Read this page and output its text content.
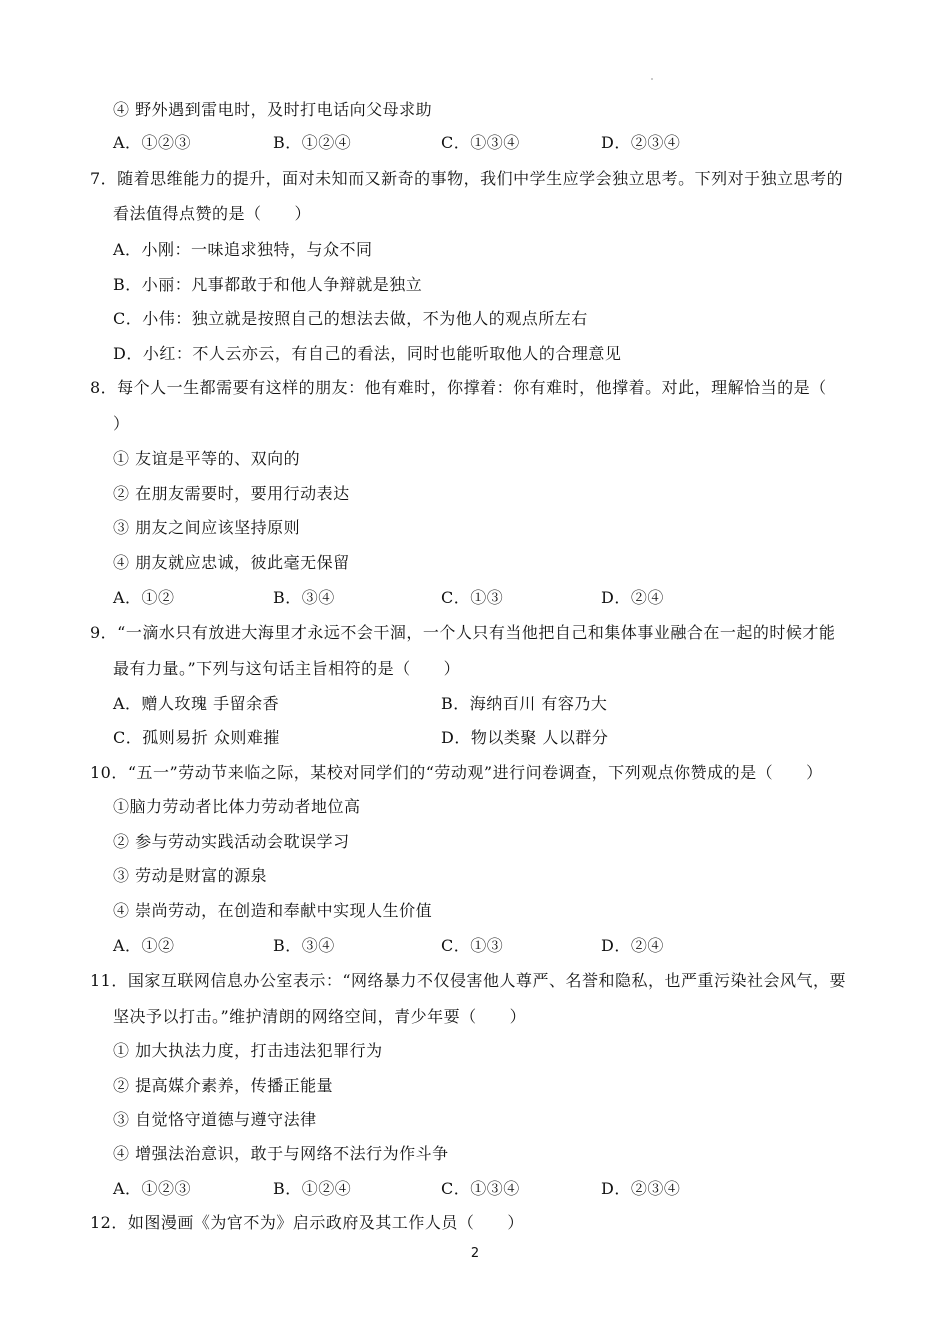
④ 野外遇到雷电时，及时打电话向父母求助
A．①②③	B．①②④	C．①③④	D．②③④
7．随着思维能力的提升，面对未知而又新奇的事物，我们中学生应学会独立思考。下列对于独立思考的
看法值得点赞的是（　　）
A．小刚：一味追求独特，与众不同
B．小丽：凡事都敢于和他人争辩就是独立
C．小伟：独立就是按照自己的想法去做，不为他人的观点所左右
D．小红：不人云亦云，有自己的看法，同时也能听取他人的合理意见
8．每个人一生都需要有这样的朋友：他有难时，你撑着：你有难时，他撑着。对此，理解恰当的是（
）
① 友谊是平等的、双向的
② 在朋友需要时，要用行动表达
③ 朋友之间应该坚持原则
④ 朋友就应忠诚，彼此毫无保留
A．①②	B．③④	C．①③	D．②④
9．“一滴水只有放进大海里才永远不会干涸，一个人只有当他把自己和集体事业融合在一起的时候才能
最有力量。”下列与这句话主旨相符的是（　　）
A．赠人玫瑰 手留余香	B．海纳百川 有容乃大
C．孤则易折 众则难摧	D．物以类聚 人以群分
10．“五一”劳动节来临之际，某校对同学们的“劳动观”进行问卷调查，下列观点你赞成的是（　　）
①脑力劳动者比体力劳动者地位高
② 参与劳动实践活动会耽误学习
③ 劳动是财富的源泉
④ 崇尚劳动，在创造和奉献中实现人生价值
A．①②	B．③④	C．①③	D．②④
11．国家互联网信息办公室表示：“网络暴力不仅侵害他人尊严、名誉和隐私，也严重污染社会风气，要
坚决予以打击。”维护清朗的网络空间，青少年要（　　）
① 加大执法力度，打击违法犯罪行为
② 提高媒介素养，传播正能量
③ 自觉恪守道德与遵守法律
④ 增强法治意识，敢于与网络不法行为作斗争
A．①②③	B．①②④	C．①③④	D．②③④
12．如图漫画《为官不为》启示政府及其工作人员（　　）
2
